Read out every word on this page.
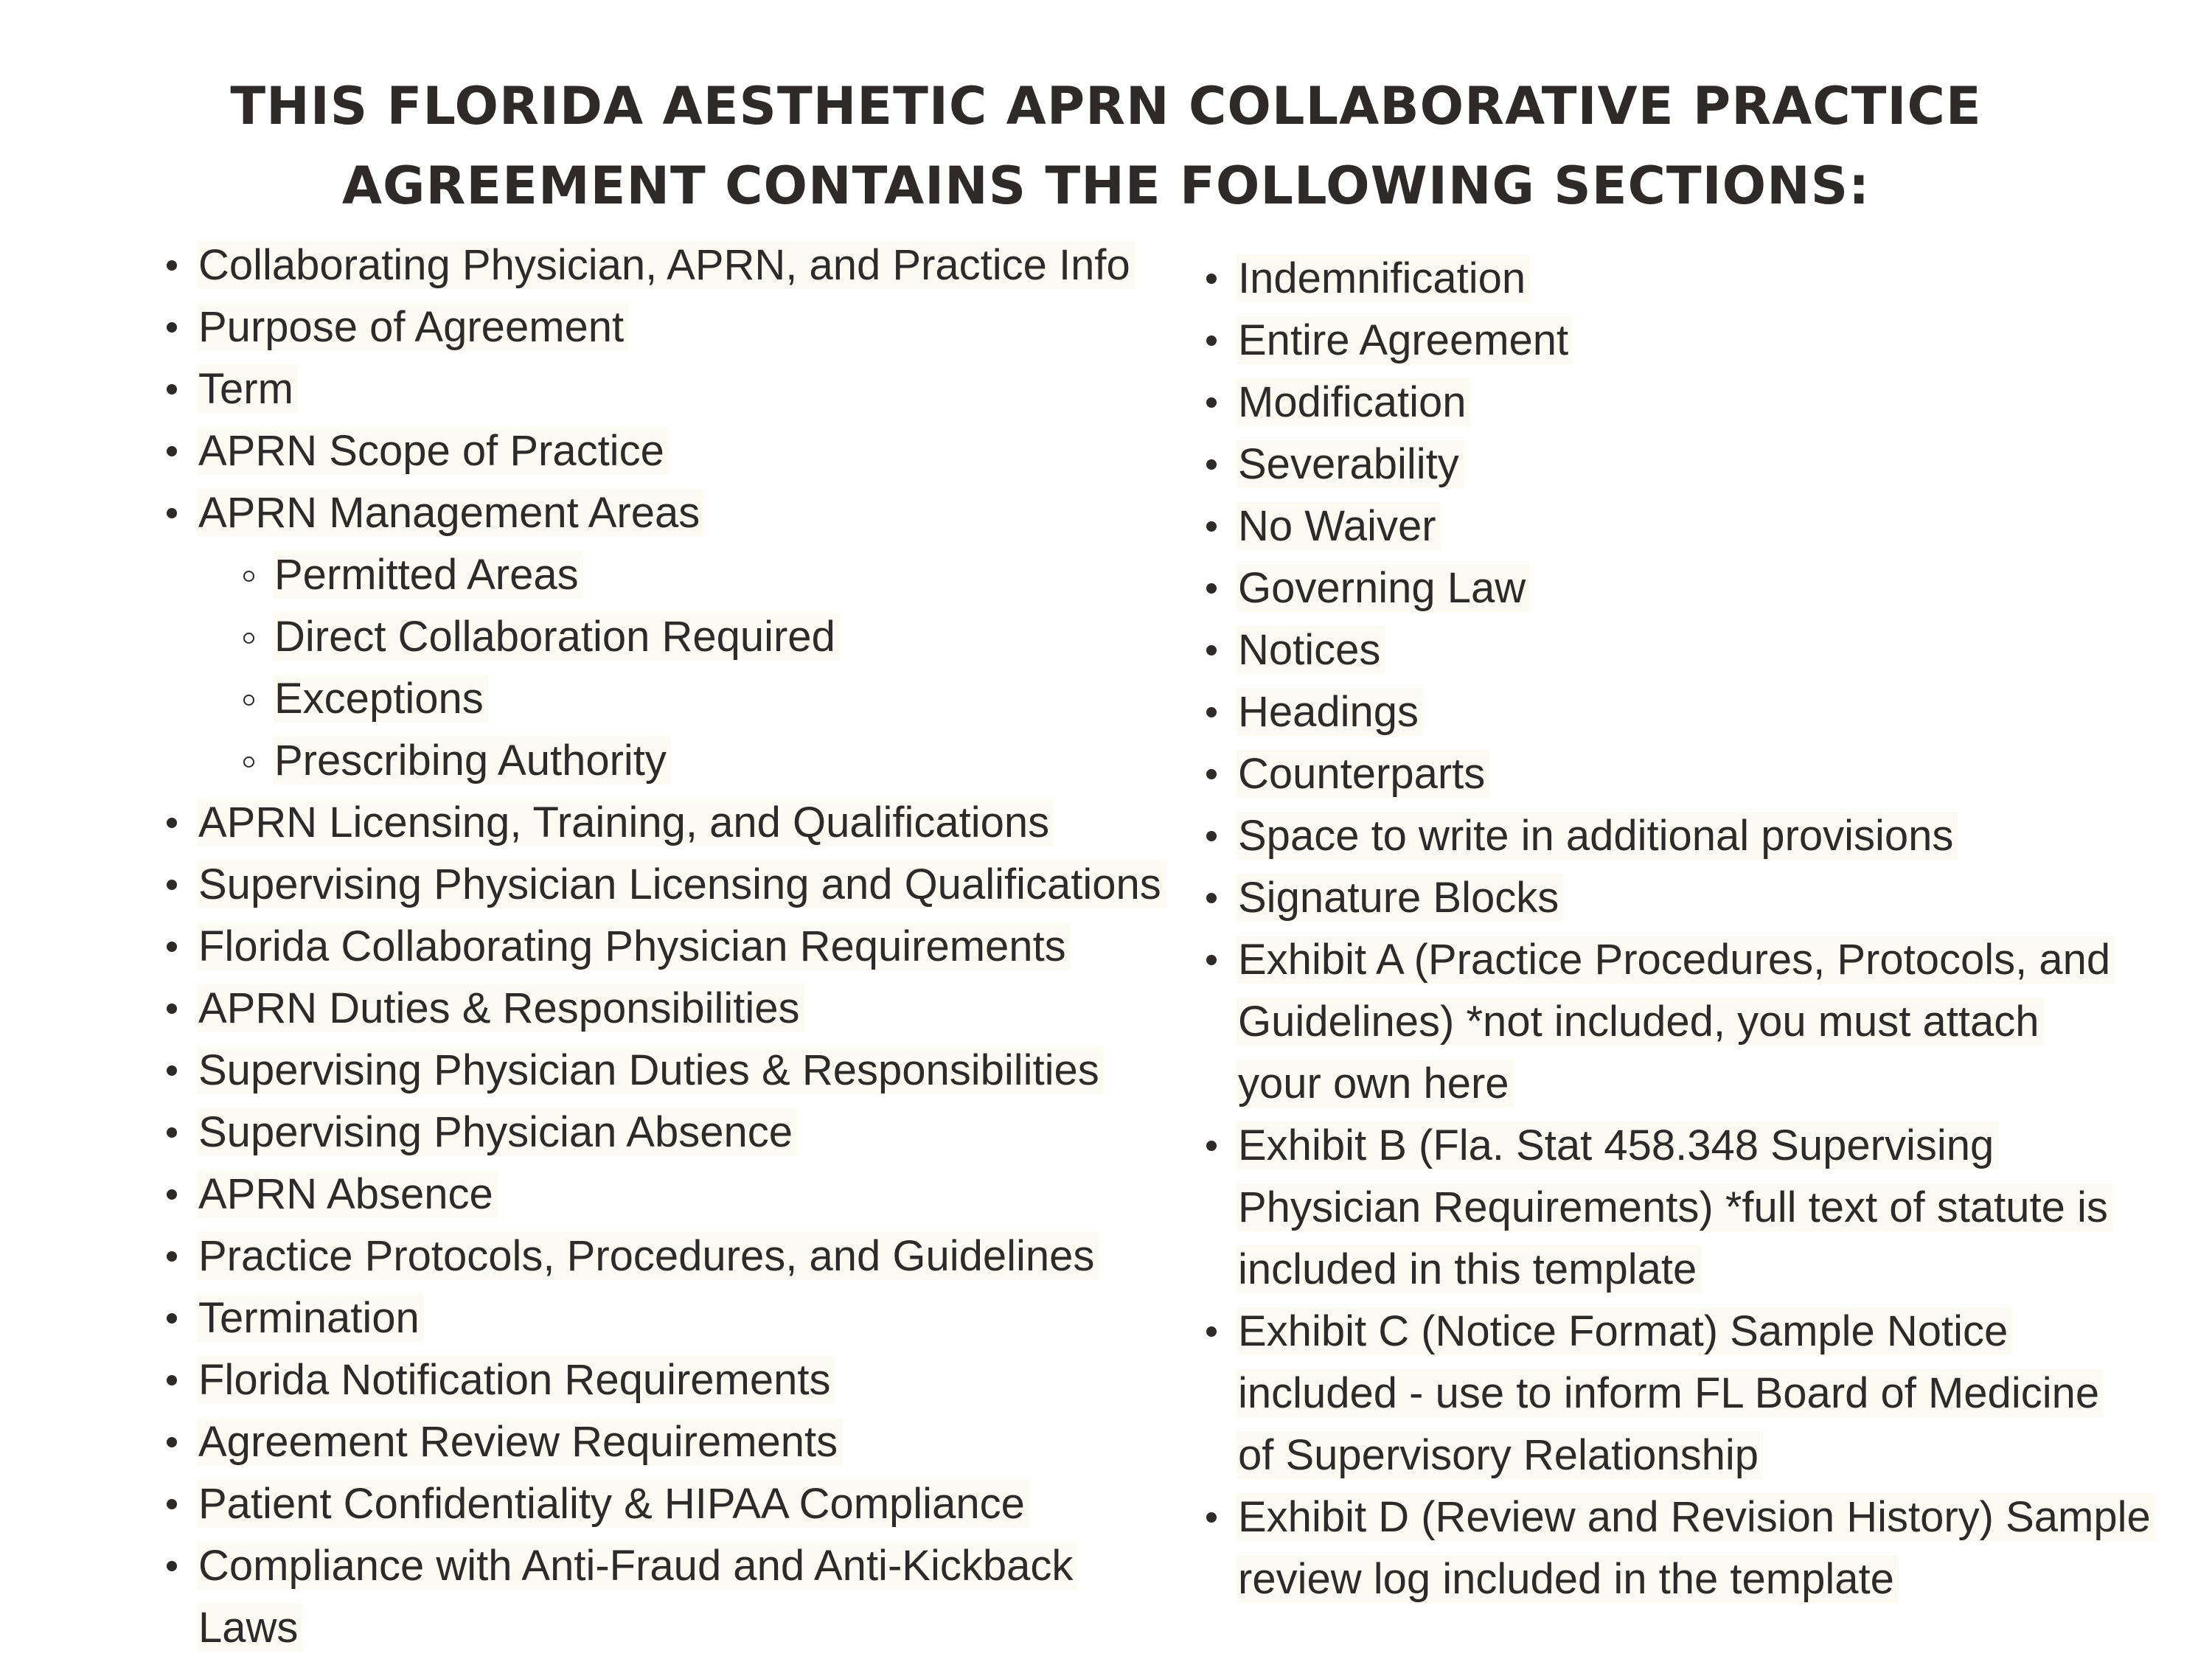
THIS FLORIDA AESTHETIC APRN COLLABORATIVE PRACTICE
AGREEMENT CONTAINS THE FOLLOWING SECTIONS:
Collaborating Physician, APRN, and Practice Info
Purpose of Agreement
Term
APRN Scope of Practice
APRN Management Areas
Permitted Areas
Direct Collaboration Required
Exceptions
Prescribing Authority
APRN Licensing, Training, and Qualifications
Supervising Physician Licensing and Qualifications
Florida Collaborating Physician Requirements
APRN Duties & Responsibilities
Supervising Physician Duties & Responsibilities
Supervising Physician Absence
APRN Absence
Practice Protocols, Procedures, and Guidelines
Termination
Florida Notification Requirements
Agreement Review Requirements
Patient Confidentiality & HIPAA Compliance
Compliance with Anti-Fraud and Anti-Kickback Laws
Indemnification
Entire Agreement
Modification
Severability
No Waiver
Governing Law
Notices
Headings
Counterparts
Space to write in additional provisions
Signature Blocks
Exhibit A (Practice Procedures, Protocols, and Guidelines) *not included, you must attach your own here
Exhibit B (Fla. Stat 458.348 Supervising Physician Requirements) *full text of statute is included in this template
Exhibit C (Notice Format) Sample Notice included - use to inform FL Board of Medicine of Supervisory Relationship
Exhibit D (Review and Revision History) Sample review log included in the template
